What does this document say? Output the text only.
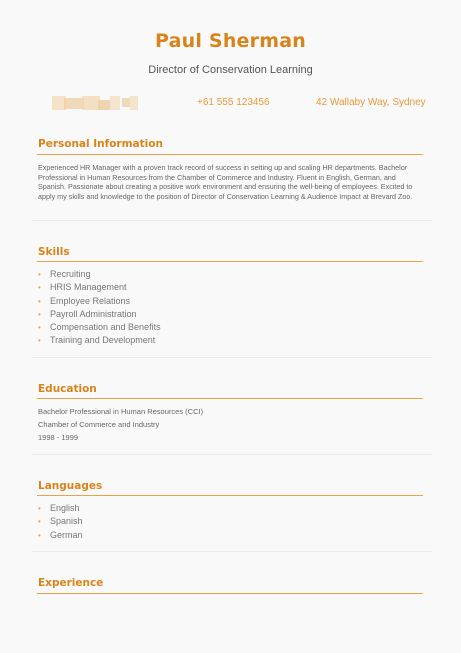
Paul Sherman
Director of Conservation Learning
+61 555 123456	42 Wallaby Way, Sydney
Personal Information
Experienced HR Manager with a proven track record of success in setting up and scaling HR departments. Bachelor Professional in Human Resources from the Chamber of Commerce and Industry. Fluent in English, German, and Spanish. Passionate about creating a positive work environment and ensuring the well-being of employees. Excited to apply my skills and knowledge to the position of Director of Conservation Learning & Audience Impact at Brevard Zoo.
Skills
• Recruiting
• HRIS Management
• Employee Relations
• Payroll Administration
• Compensation and Benefits
• Training and Development
Education
Bachelor Professional in Human Resources (CCI)
Chamber of Commerce and Industry
1998 - 1999
Languages
• English
• Spanish
• German
Experience
